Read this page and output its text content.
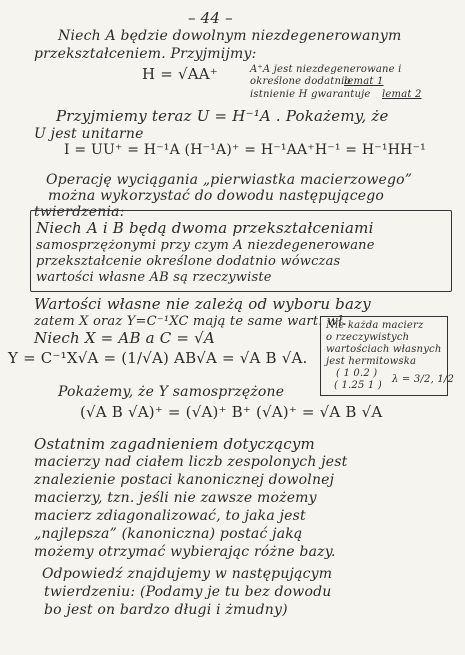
– 44 –
Niech A będzie dowolnym niezdegenerowanym
przekształceniem. Przyjmijmy:
H = √AA⁺	A⁺A jest niezdegenerowane i
określone dodatnio
lemat 1
istnienie H gwarantuje lemat 2
Przyjmiemy teraz U = H⁻¹A . Pokażemy, że
U jest unitarne
I = UU⁺ = H⁻¹A (H⁻¹A)⁺ = H⁻¹AA⁺H⁻¹ = H⁻¹HH⁻¹
Operację wyciągania „pierwiastka macierzowego”
można wykorzystać do dowodu następującego
twierdzenia:
Niech A i B będą dwoma przekształceniami
samosprzężonymi przy czym A niezdegenerowane
przekształcenie określone dodatnio wówczas
wartości własne AB są rzeczywiste
Wartości własne nie zależą od wyboru bazy
zatem X oraz Y=C⁻¹XC mają te same wart. wł.
Niech X = AB a C = √A
Y = C⁻¹X√A = (1/√A) AB√A = √A B √A.
Nie każda macierz
o rzeczywistych
wartościach własnych
jest hermitowska
( 1 0.2 )
( 1.25 1 )
λ = 3/2, 1/2
Pokażemy, że Y samosprzężone
(√A B √A)⁺ = (√A)⁺ B⁺ (√A)⁺ = √A B √A
Ostatnim zagadnieniem dotyczącym
macierzy nad ciałem liczb zespolonych jest
znalezienie postaci kanonicznej dowolnej
macierzy, tzn. jeśli nie zawsze możemy
macierz zdiagonalizować, to jaka jest
„najlepsza” (kanoniczna) postać jaką
możemy otrzymać wybierając różne bazy.
Odpowiedź znajdujemy w następującym
twierdzeniu: (Podamy je tu bez dowodu
bo jest on bardzo długi i żmudny)
